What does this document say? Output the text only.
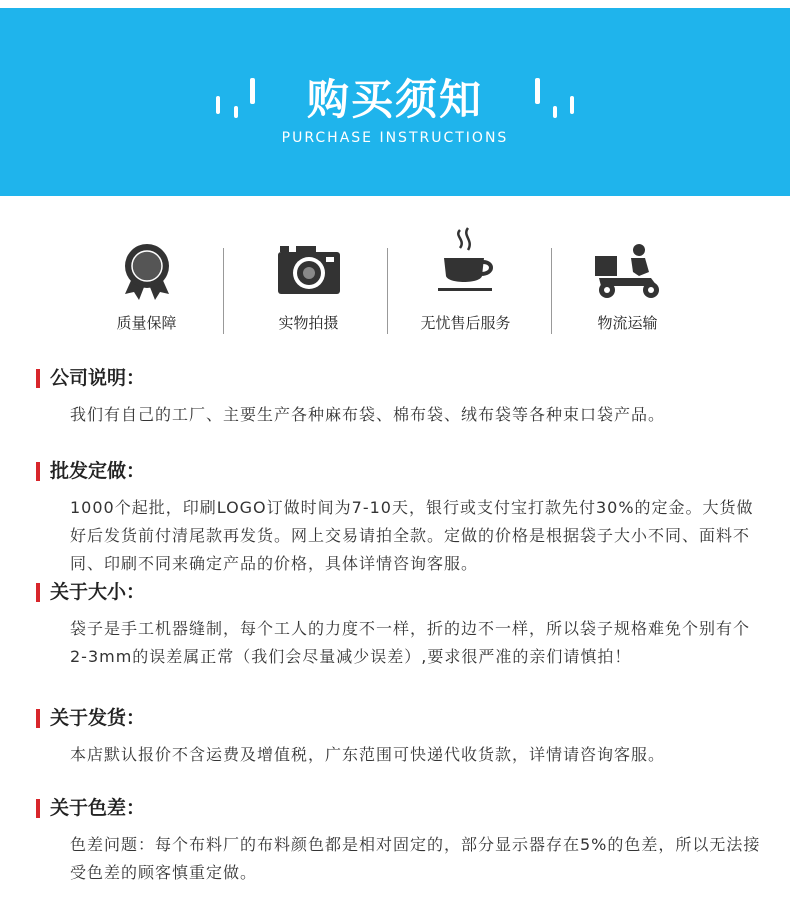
购买须知
PURCHASE INSTRUCTIONS
质量保障	实物拍摄	无忧售后服务	物流运输
公司说明：
我们有自己的工厂、主要生产各种麻布袋、棉布袋、绒布袋等各种束口袋产品。
批发定做：
1000个起批，印刷LOGO订做时间为7-10天，银行或支付宝打款先付30%的定金。大货做好后发货前付清尾款再发货。网上交易请拍全款。定做的价格是根据袋子大小不同、面料不同、印刷不同来确定产品的价格，具体详情咨询客服。
关于大小：
袋子是手工机器缝制，每个工人的力度不一样，折的边不一样，所以袋子规格难免个别有个2-3mm的误差属正常（我们会尽量减少误差）,要求很严准的亲们请慎拍！
关于发货：
本店默认报价不含运费及增值税，广东范围可快递代收货款，详情请咨询客服。
关于色差：
色差问题：每个布料厂的布料颜色都是相对固定的，部分显示器存在5%的色差，所以无法接受色差的顾客慎重定做。
